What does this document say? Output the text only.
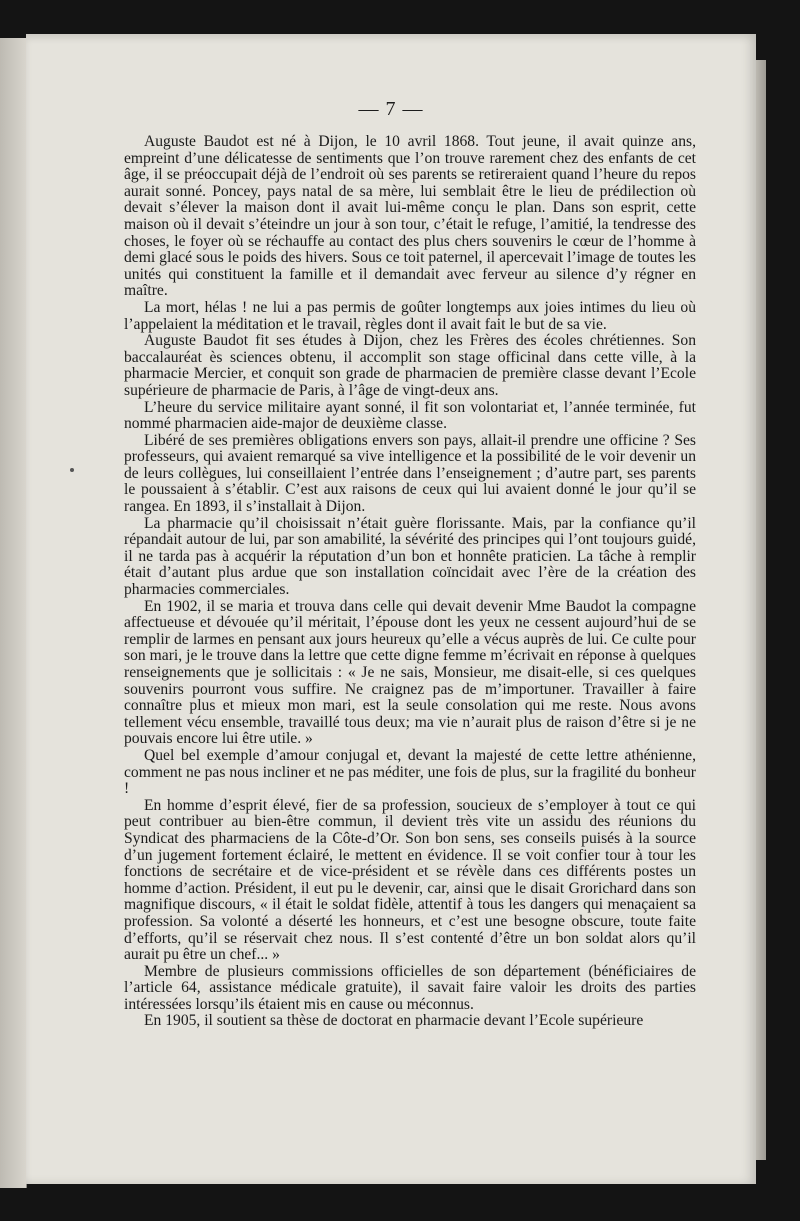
— 7 —

Auguste Baudot est né à Dijon, le 10 avril 1868. Tout jeune, il avait quinze ans, empreint d’une délicatesse de sentiments que l’on trouve rarement chez des enfants de cet âge, il se préoccupait déjà de l’endroit où ses parents se retireraient quand l’heure du repos aurait sonné. Poncey, pays natal de sa mère, lui semblait être le lieu de prédilection où devait s’élever la maison dont il avait lui-même conçu le plan. Dans son esprit, cette maison où il devait s’éteindre un jour à son tour, c’était le refuge, l’amitié, la tendresse des choses, le foyer où se réchauffe au contact des plus chers souvenirs le cœur de l’homme à demi glacé sous le poids des hivers. Sous ce toit paternel, il apercevait l’image de toutes les unités qui constituent la famille et il demandait avec ferveur au silence d’y régner en maître.

La mort, hélas ! ne lui a pas permis de goûter longtemps aux joies intimes du lieu où l’appelaient la méditation et le travail, règles dont il avait fait le but de sa vie.

Auguste Baudot fit ses études à Dijon, chez les Frères des écoles chrétiennes. Son baccalauréat ès sciences obtenu, il accomplit son stage officinal dans cette ville, à la pharmacie Mercier, et conquit son grade de pharmacien de première classe devant l’Ecole supérieure de pharmacie de Paris, à l’âge de vingt-deux ans.

L’heure du service militaire ayant sonné, il fit son volontariat et, l’année terminée, fut nommé pharmacien aide-major de deuxième classe.

Libéré de ses premières obligations envers son pays, allait-il prendre une officine ? Ses professeurs, qui avaient remarqué sa vive intelligence et la possibilité de le voir devenir un de leurs collègues, lui conseillaient l’entrée dans l’enseignement ; d’autre part, ses parents le poussaient à s’établir. C’est aux raisons de ceux qui lui avaient donné le jour qu’il se rangea. En 1893, il s’installait à Dijon.

La pharmacie qu’il choisissait n’était guère florissante. Mais, par la confiance qu’il répandait autour de lui, par son amabilité, la sévérité des principes qui l’ont toujours guidé, il ne tarda pas à acquérir la réputation d’un bon et honnête praticien. La tâche à remplir était d’autant plus ardue que son installation coïncidait avec l’ère de la création des pharmacies commerciales.

En 1902, il se maria et trouva dans celle qui devait devenir Mme Baudot la compagne affectueuse et dévouée qu’il méritait, l’épouse dont les yeux ne cessent aujourd’hui de se remplir de larmes en pensant aux jours heureux qu’elle a vécus auprès de lui. Ce culte pour son mari, je le trouve dans la lettre que cette digne femme m’écrivait en réponse à quelques renseignements que je sollicitais : « Je ne sais, Monsieur, me disait-elle, si ces quelques souvenirs pourront vous suffire. Ne craignez pas de m’importuner. Travailler à faire connaître plus et mieux mon mari, est la seule consolation qui me reste. Nous avons tellement vécu ensemble, travaillé tous deux; ma vie n’aurait plus de raison d’être si je ne pouvais encore lui être utile. »

Quel bel exemple d’amour conjugal et, devant la majesté de cette lettre athénienne, comment ne pas nous incliner et ne pas méditer, une fois de plus, sur la fragilité du bonheur !

En homme d’esprit élevé, fier de sa profession, soucieux de s’employer à tout ce qui peut contribuer au bien-être commun, il devient très vite un assidu des réunions du Syndicat des pharmaciens de la Côte-d’Or. Son bon sens, ses conseils puisés à la source d’un jugement fortement éclairé, le mettent en évidence. Il se voit confier tour à tour les fonctions de secrétaire et de vice-président et se révèle dans ces différents postes un homme d’action. Président, il eut pu le devenir, car, ainsi que le disait Grorichard dans son magnifique discours, « il était le soldat fidèle, attentif à tous les dangers qui menaçaient sa profession. Sa volonté a déserté les honneurs, et c’est une besogne obscure, toute faite d’efforts, qu’il se réservait chez nous. Il s’est contenté d’être un bon soldat alors qu’il aurait pu être un chef... »

Membre de plusieurs commissions officielles de son département (bénéficiaires de l’article 64, assistance médicale gratuite), il savait faire valoir les droits des parties intéressées lorsqu’ils étaient mis en cause ou méconnus.

En 1905, il soutient sa thèse de doctorat en pharmacie devant l’Ecole supérieure
